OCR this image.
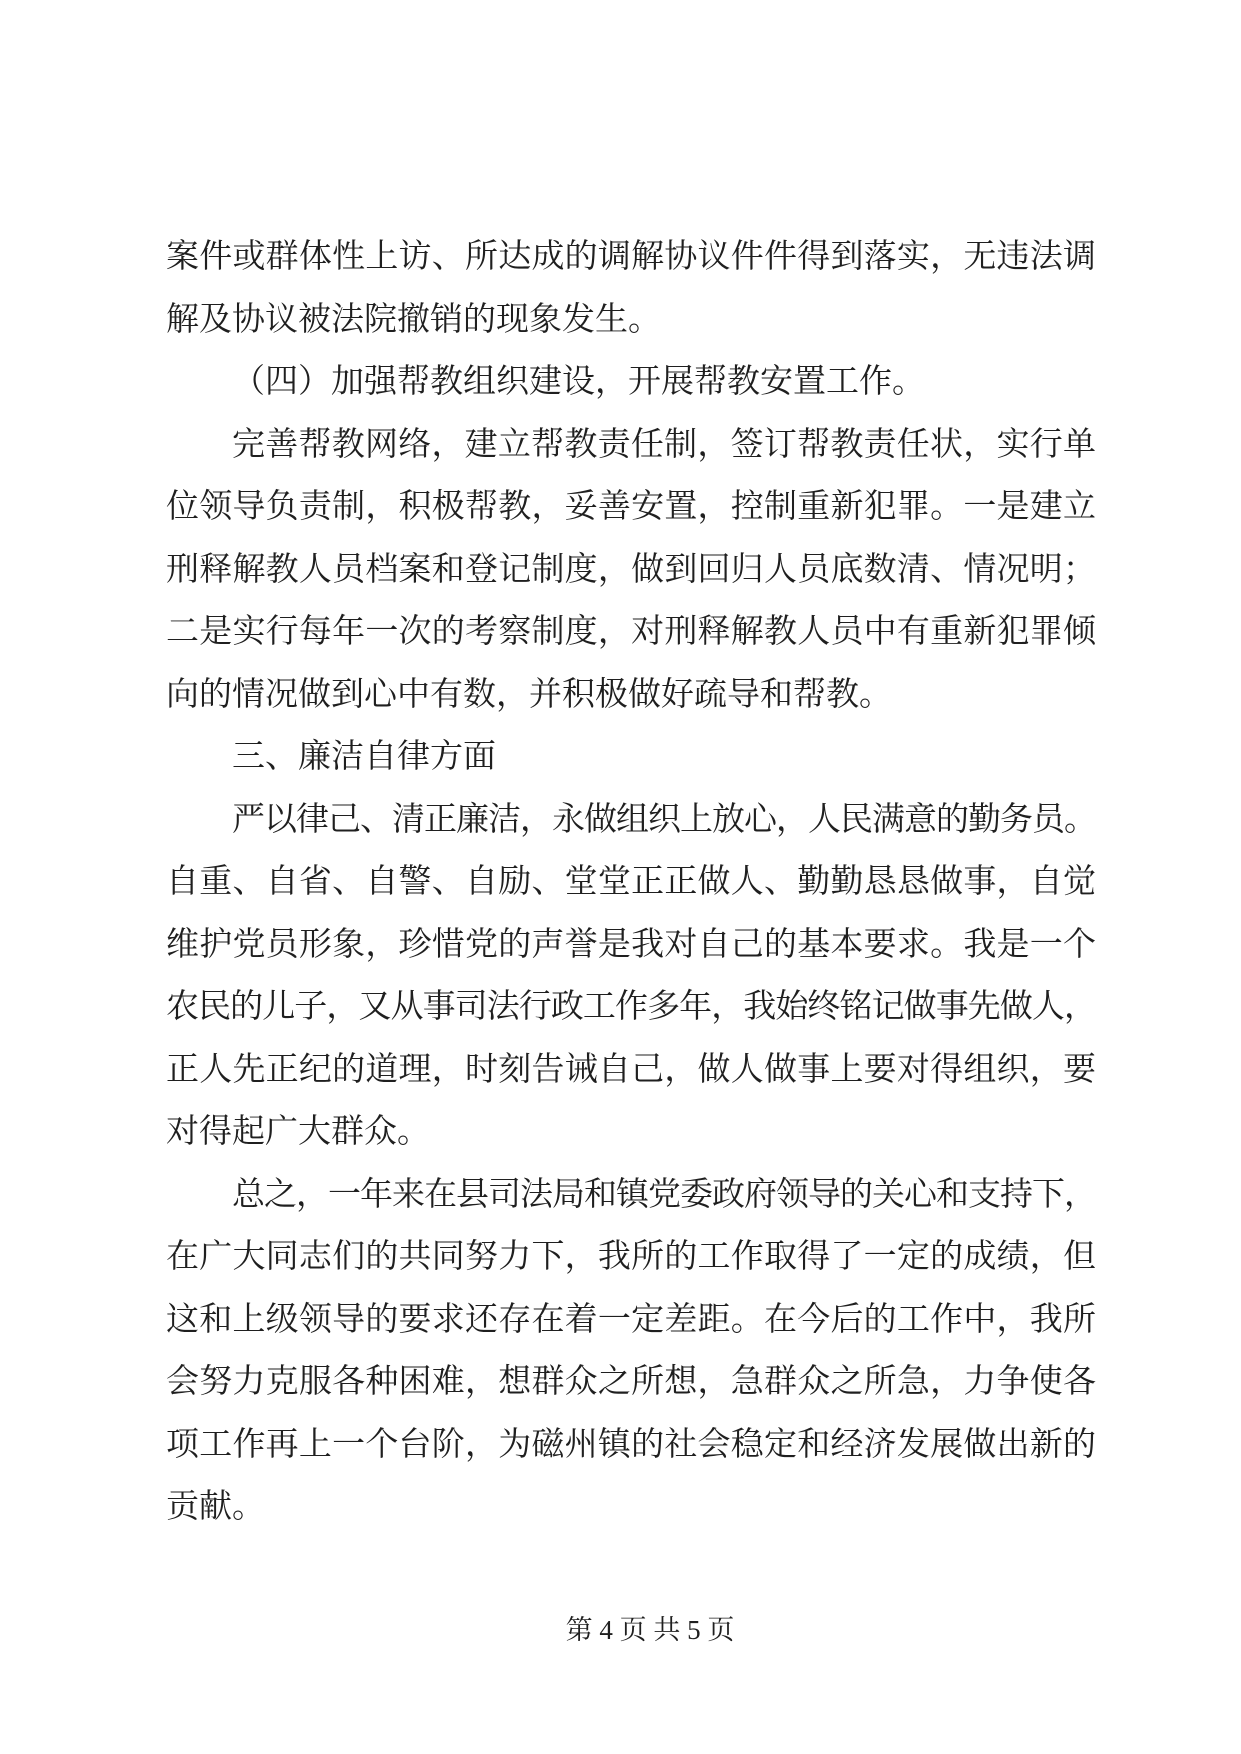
案件或群体性上访、所达成的调解协议件件得到落实，无违法调
解及协议被法院撤销的现象发生。
（四）加强帮教组织建设，开展帮教安置工作。
完善帮教网络，建立帮教责任制，签订帮教责任状，实行单
位领导负责制，积极帮教，妥善安置，控制重新犯罪。一是建立
刑释解教人员档案和登记制度，做到回归人员底数清、情况明；
二是实行每年一次的考察制度，对刑释解教人员中有重新犯罪倾
向的情况做到心中有数，并积极做好疏导和帮教。
三、廉洁自律方面
严以律己、清正廉洁，永做组织上放心，人民满意的勤务员。
自重、自省、自警、自励、堂堂正正做人、勤勤恳恳做事，自觉
维护党员形象，珍惜党的声誉是我对自己的基本要求。我是一个
农民的儿子，又从事司法行政工作多年，我始终铭记做事先做人，
正人先正纪的道理，时刻告诫自己，做人做事上要对得组织，要
对得起广大群众。
总之，一年来在县司法局和镇党委政府领导的关心和支持下，
在广大同志们的共同努力下，我所的工作取得了一定的成绩，但
这和上级领导的要求还存在着一定差距。在今后的工作中，我所
会努力克服各种困难，想群众之所想，急群众之所急，力争使各
项工作再上一个台阶，为磁州镇的社会稳定和经济发展做出新的
贡献。
第 4 页 共 5 页
